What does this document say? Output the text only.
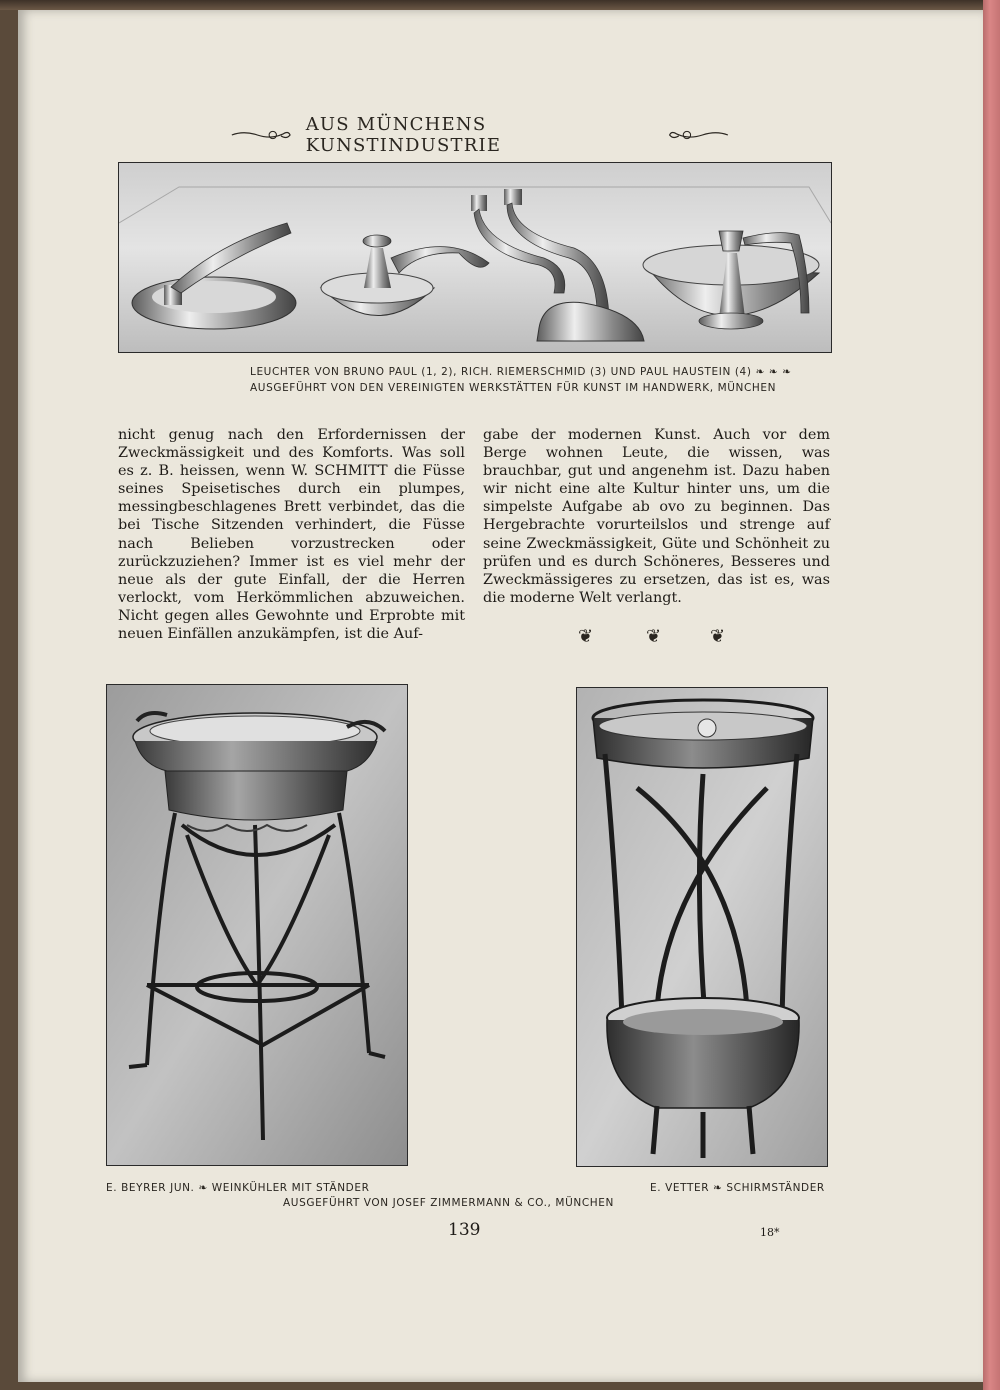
AUS MÜNCHENS KUNSTINDUSTRIE
LEUCHTER VON BRUNO PAUL (1, 2), RICH. RIEMERSCHMID (3) UND PAUL HAUSTEIN (4) ❧ ❧ ❧
AUSGEFÜHRT VON DEN VEREINIGTEN WERKSTÄTTEN FÜR KUNST IM HANDWERK, MÜNCHEN

nicht genug nach den Erfordernissen der Zweckmässigkeit und des Komforts. Was soll es z. B. heissen, wenn W. SCHMITT die Füsse seines Speisetisches durch ein plumpes, messingbeschlagenes Brett verbindet, das die bei Tische Sitzenden verhindert, die Füsse nach Belieben vorzustrecken oder zurückzuziehen? Immer ist es viel mehr der neue als der gute Einfall, der die Herren verlockt, vom Herkömmlichen abzuweichen. Nicht gegen alles Gewohnte und Erprobte mit neuen Einfällen anzukämpfen, ist die Auf-

gabe der modernen Kunst. Auch vor dem Berge wohnen Leute, die wissen, was brauchbar, gut und angenehm ist. Dazu haben wir nicht eine alte Kultur hinter uns, um die simpelste Aufgabe ab ovo zu beginnen. Das Hergebrachte vorurteilslos und strenge auf seine Zweckmässigkeit, Güte und Schönheit zu prüfen und es durch Schöneres, Besseres und Zweckmässigeres zu ersetzen, das ist es, was die moderne Welt verlangt.

❦	❦	❦
E. BEYRER JUN. ❧ WEINKÜHLER MIT STÄNDER	E. VETTER ❧ SCHIRMSTÄNDER
AUSGEFÜHRT VON JOSEF ZIMMERMANN & CO., MÜNCHEN
139	18*
